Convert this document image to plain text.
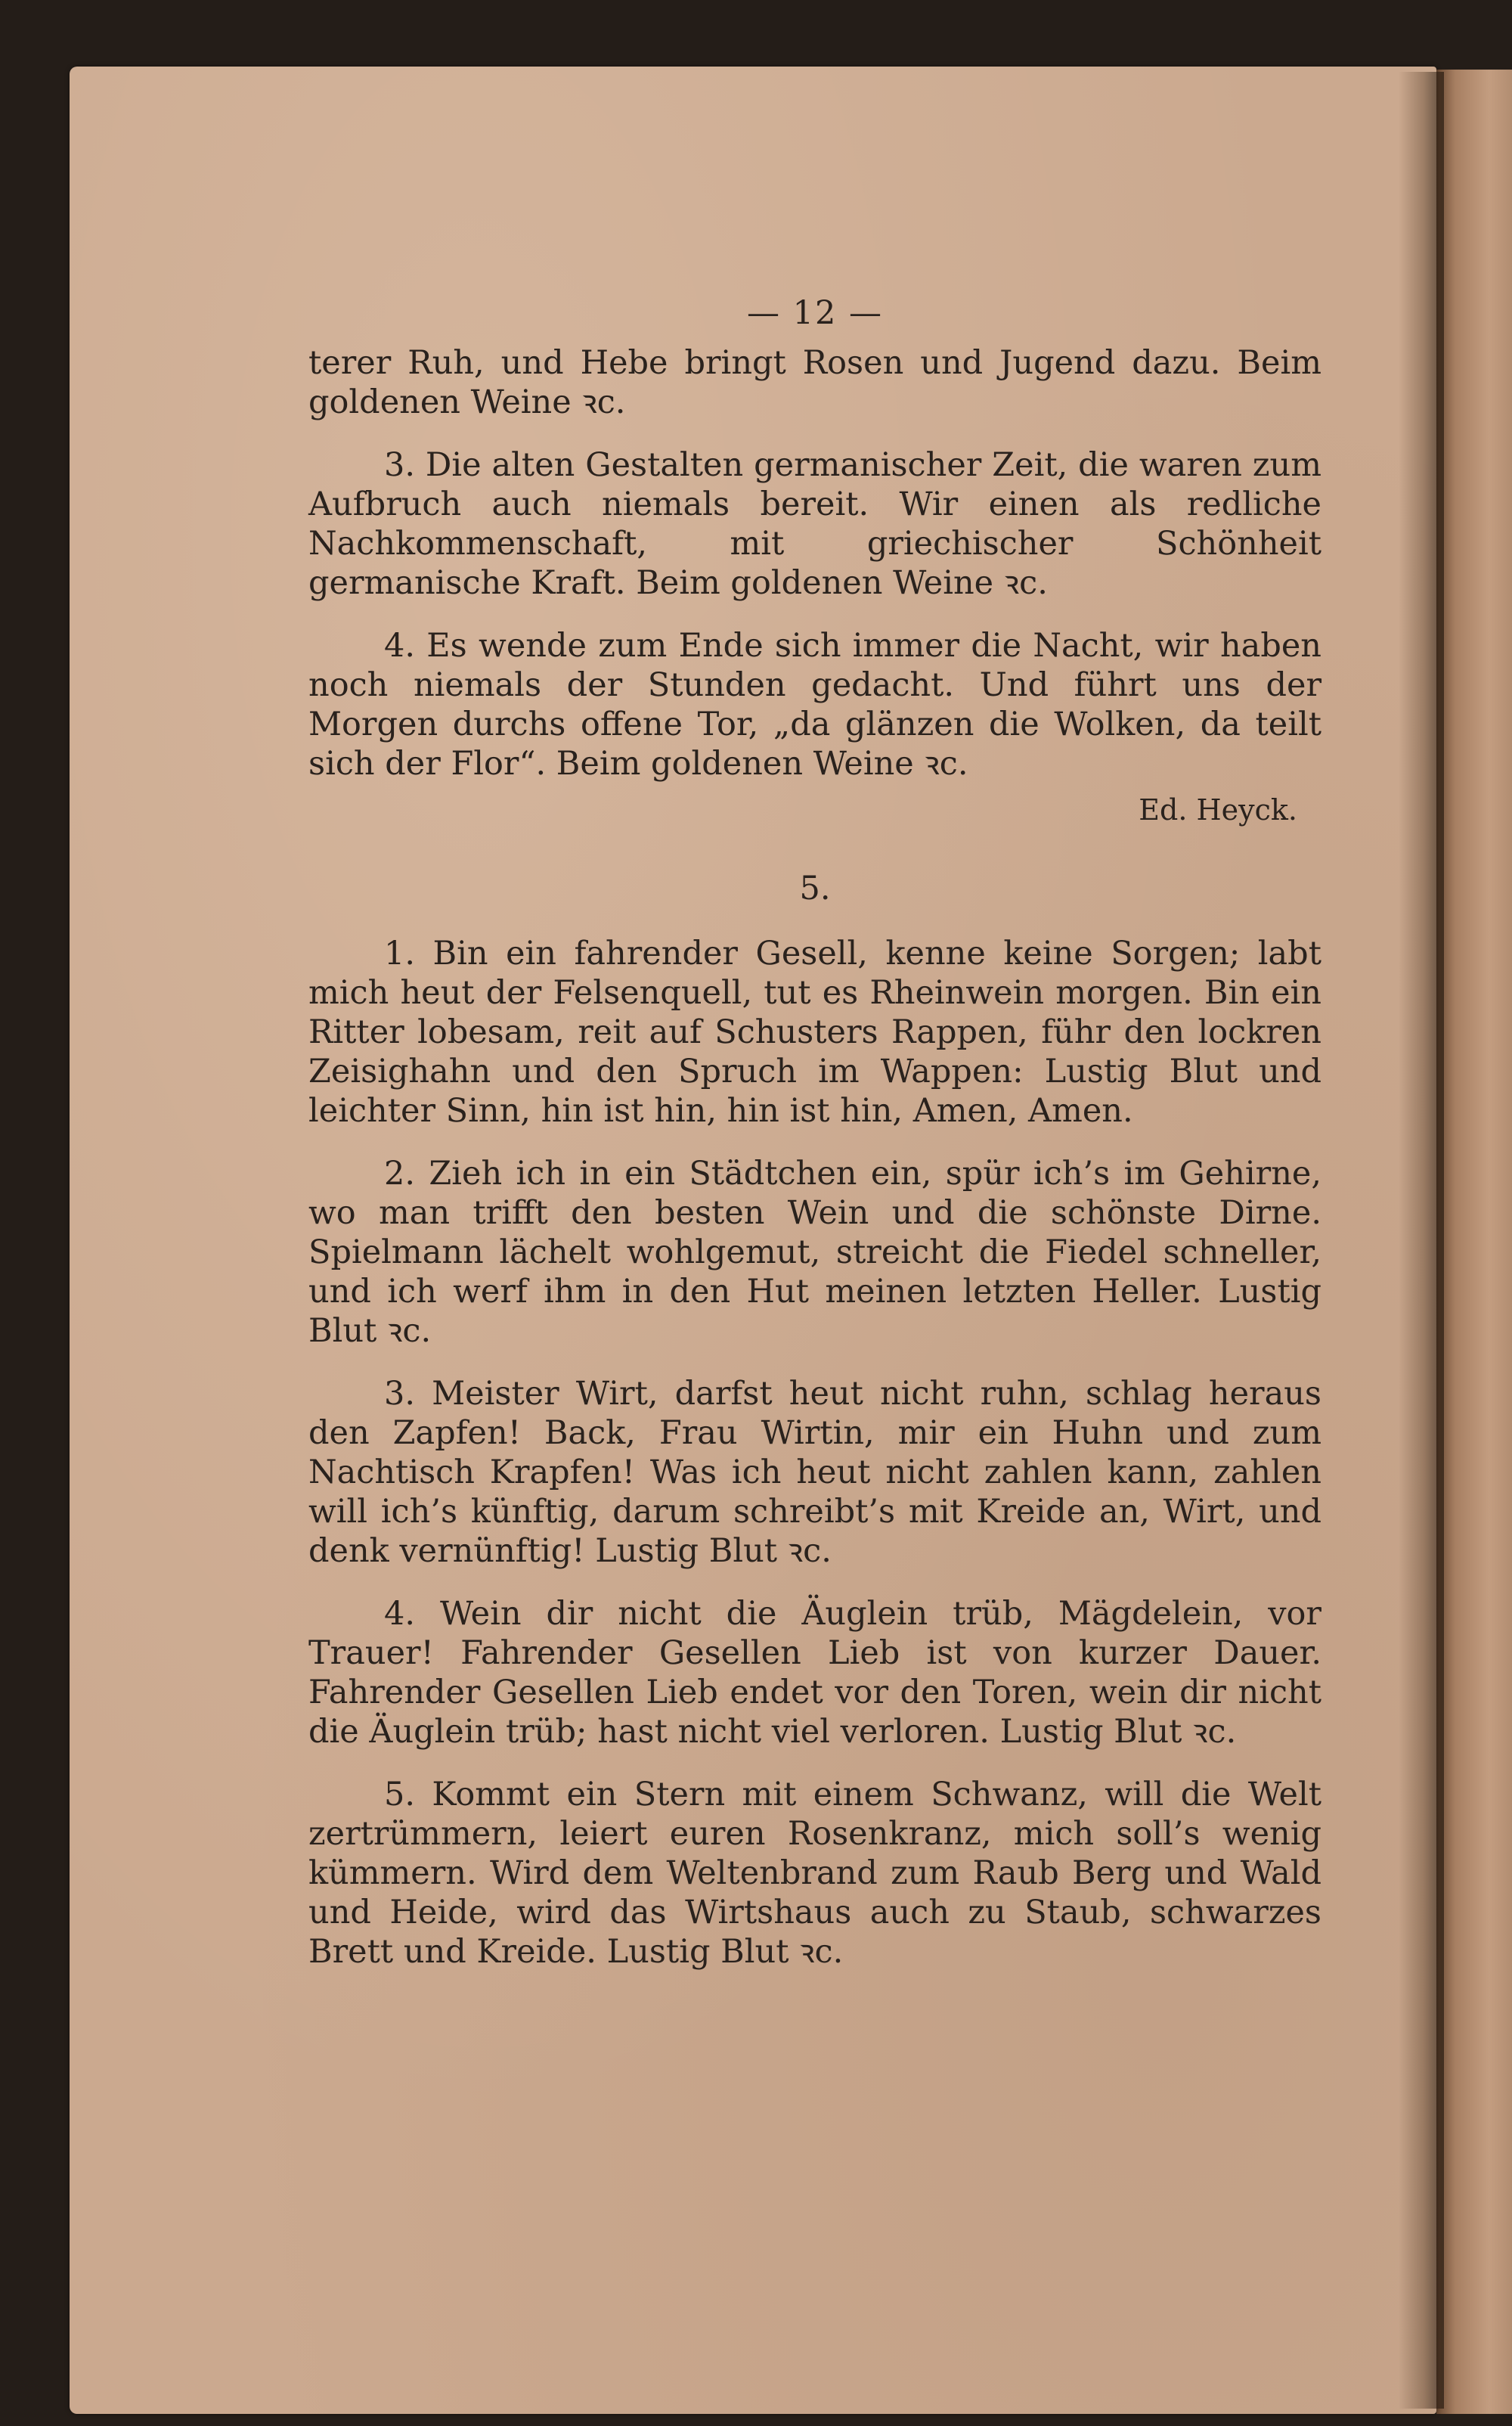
— 12 —

terer Ruh, und Hebe bringt Rosen und Jugend dazu. Beim goldenen Weine ꝛc.

3. Die alten Gestalten germanischer Zeit, die waren zum Aufbruch auch niemals bereit. Wir einen als redliche Nachkommenschaft, mit griechischer Schönheit germanische Kraft. Beim goldenen Weine ꝛc.

4. Es wende zum Ende sich immer die Nacht, wir haben noch niemals der Stunden gedacht. Und führt uns der Morgen durchs offene Tor, „da glänzen die Wolken, da teilt sich der Flor“. Beim goldenen Weine ꝛc.

Ed. Heyck.
5.

1. Bin ein fahrender Gesell, kenne keine Sorgen; labt mich heut der Felsenquell, tut es Rheinwein morgen. Bin ein Ritter lobesam, reit auf Schusters Rappen, führ den lockren Zeisighahn und den Spruch im Wappen: Lustig Blut und leichter Sinn, hin ist hin, hin ist hin, Amen, Amen.

2. Zieh ich in ein Städtchen ein, spür ich’s im Gehirne, wo man trifft den besten Wein und die schönste Dirne. Spielmann lächelt wohlgemut, streicht die Fiedel schneller, und ich werf ihm in den Hut meinen letzten Heller. Lustig Blut ꝛc.

3. Meister Wirt, darfst heut nicht ruhn, schlag heraus den Zapfen! Back, Frau Wirtin, mir ein Huhn und zum Nachtisch Krapfen! Was ich heut nicht zahlen kann, zahlen will ich’s künftig, darum schreibt’s mit Kreide an, Wirt, und denk vernünftig! Lustig Blut ꝛc.

4. Wein dir nicht die Äuglein trüb, Mägdelein, vor Trauer! Fahrender Gesellen Lieb ist von kurzer Dauer. Fahrender Gesellen Lieb endet vor den Toren, wein dir nicht die Äuglein trüb; hast nicht viel verloren. Lustig Blut ꝛc.

5. Kommt ein Stern mit einem Schwanz, will die Welt zertrümmern, leiert euren Rosenkranz, mich soll’s wenig kümmern. Wird dem Weltenbrand zum Raub Berg und Wald und Heide, wird das Wirtshaus auch zu Staub, schwarzes Brett und Kreide. Lustig Blut ꝛc.
